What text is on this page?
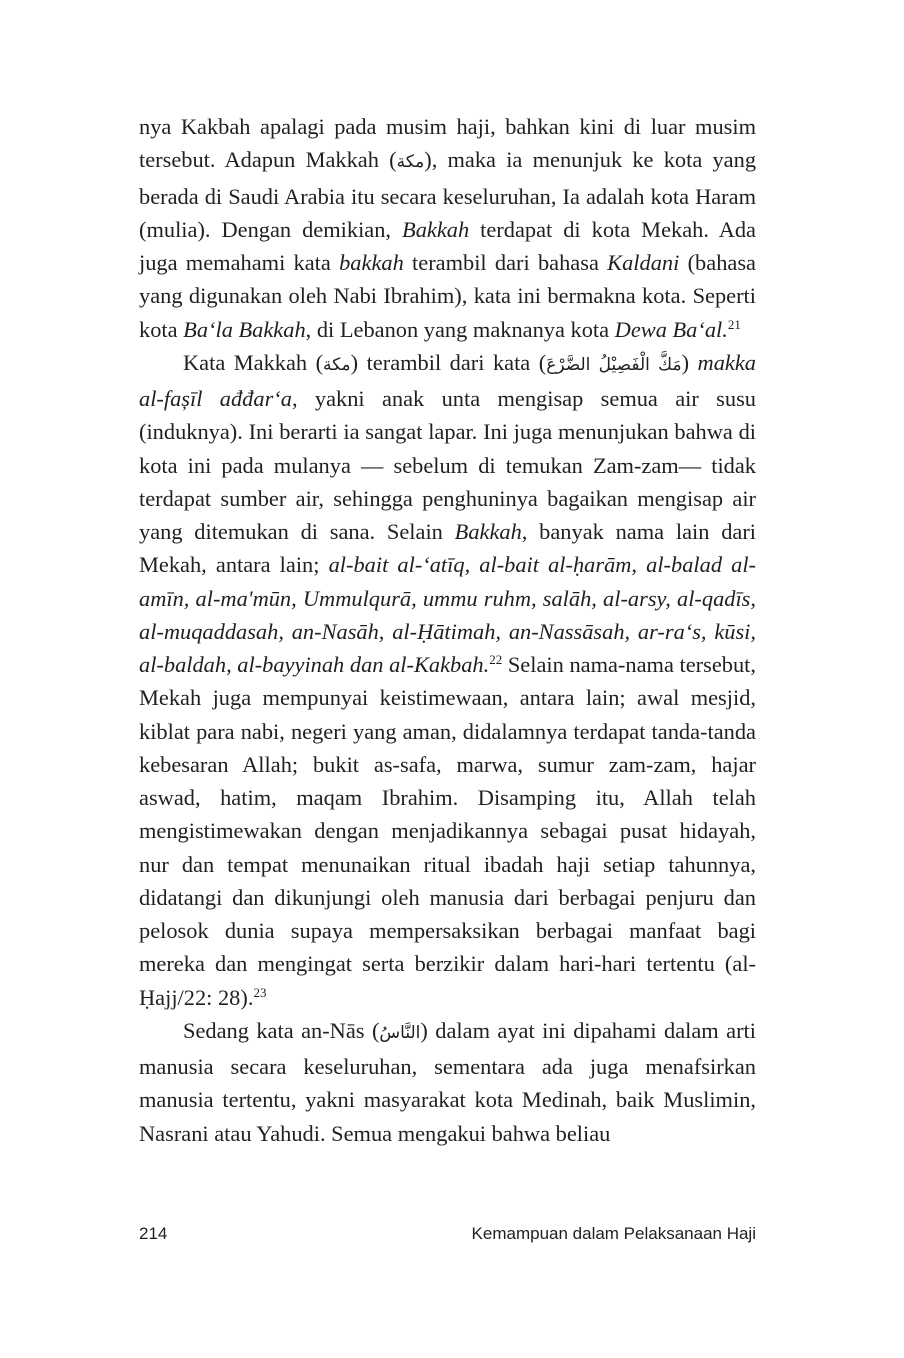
nya Kakbah apalagi pada musim haji, bahkan kini di luar musim tersebut. Adapun Makkah (مكة), maka ia menunjuk ke kota yang berada di Saudi Arabia itu secara keseluruhan, Ia adalah kota Haram (mulia). Dengan demikian, Bakkah terdapat di kota Mekah. Ada juga memahami kata bakkah terambil dari bahasa Kaldani (bahasa yang digunakan oleh Nabi Ibrahim), kata ini bermakna kota. Seperti kota Ba‘la Bakkah, di Lebanon yang maknanya kota Dewa Ba‘al.$^{21}$

Kata Makkah (مكة) terambil dari kata (مَكَّ الْفَصِيْلُ الضَّرْعَ) makka al-fașīl ađđar‘a, yakni anak unta mengisap semua air susu (induknya). Ini berarti ia sangat lapar. Ini juga menunjukan bahwa di kota ini pada mulanya — sebelum di temukan Zam-zam— tidak terdapat sumber air, sehingga penghuninya bagaikan mengisap air yang ditemukan di sana. Selain Bakkah, banyak nama lain dari Mekah, antara lain; al-bait al-‘atīq, al-bait al-ḥarām, al-balad al-amīn, al-ma'mūn, Ummulqurā, ummu ruhm, salāh, al-arsy, al-qadīs, al-muqaddasah, an-Nasāh, al-Ḥātimah, an-Nassāsah, ar-ra‘s, kūsi, al-baldah, al-bayyinah dan al-Kakbah.$^{22}$ Selain nama-nama tersebut, Mekah juga mempunyai keistimewaan, antara lain; awal mesjid, kiblat para nabi, negeri yang aman, didalamnya terdapat tanda-tanda kebesaran Allah; bukit as-safa, marwa, sumur zam-zam, hajar aswad, hatim, maqam Ibrahim. Disamping itu, Allah telah mengistimewakan dengan menjadikannya sebagai pusat hidayah, nur dan tempat menunaikan ritual ibadah haji setiap tahunnya, didatangi dan dikunjungi oleh manusia dari berbagai penjuru dan pelosok dunia supaya mempersaksikan berbagai manfaat bagi mereka dan mengingat serta berzikir dalam hari-hari tertentu (al-Ḥajj/22: 28).$^{23}$

Sedang kata an-Nās (النَّاسُ) dalam ayat ini dipahami dalam arti manusia secara keseluruhan, sementara ada juga menafsirkan manusia tertentu, yakni masyarakat kota Medinah, baik Muslimin, Nasrani atau Yahudi. Semua mengakui bahwa beliau

214	Kemampuan dalam Pelaksanaan Haji
